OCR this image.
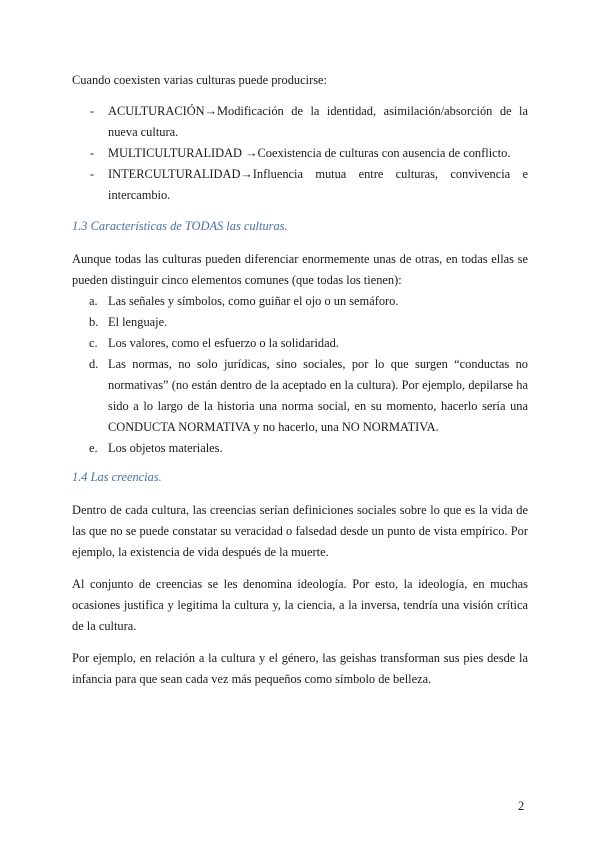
Cuando coexisten varias culturas puede producirse:

- ACULTURACIÓN→Modificación de la identidad, asimilación/absorción de la nueva cultura.
- MULTICULTURALIDAD →Coexistencia de culturas con ausencia de conflicto.
- INTERCULTURALIDAD→Influencia mutua entre culturas, convivencia e intercambio.
1.3 Características de TODAS las culturas.

Aunque todas las culturas pueden diferenciar enormemente unas de otras, en todas ellas se pueden distinguir cinco elementos comunes (que todas los tienen):

a. Las señales y símbolos, como guiñar el ojo o un semáforo.
b. El lenguaje.
c. Los valores, como el esfuerzo o la solidaridad.
d. Las normas, no solo jurídicas, sino sociales, por lo que surgen “conductas no normativas” (no están dentro de la aceptado en la cultura). Por ejemplo, depilarse ha sido a lo largo de la historia una norma social, en su momento, hacerlo sería una CONDUCTA NORMATIVA y no hacerlo, una NO NORMATIVA.
e. Los objetos materiales.
1.4 Las creencias.

Dentro de cada cultura, las creencias serían definiciones sociales sobre lo que es la vida de las que no se puede constatar su veracidad o falsedad desde un punto de vista empírico. Por ejemplo, la existencia de vida después de la muerte.

Al conjunto de creencias se les denomina ideología. Por esto, la ideología, en muchas ocasiones justifica y legitima la cultura y, la ciencia, a la inversa, tendría una visión crítica de la cultura.

Por ejemplo, en relación a la cultura y el género, las geishas transforman sus pies desde la infancia para que sean cada vez más pequeños como símbolo de belleza.

2
